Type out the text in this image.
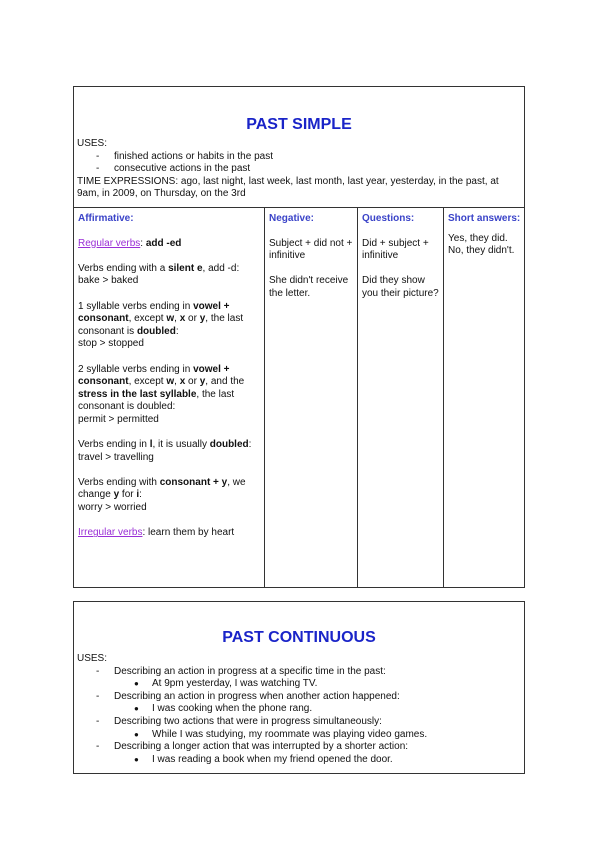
PAST SIMPLE
USES:
- finished actions or habits in the past
- consecutive actions in the past
TIME EXPRESSIONS: ago, last night, last week, last month, last year, yesterday, in the past, at 9am, in 2009, on Thursday, on the 3rd
Affirmative:

Regular verbs: add -ed

Verbs ending with a silent e, add -d:
bake > baked

1 syllable verbs ending in vowel + consonant, except w, x or y, the last consonant is doubled:
stop > stopped

2 syllable verbs ending in vowel + consonant, except w, x or y, and the stress in the last syllable, the last consonant is doubled:
permit > permitted

Verbs ending in l, it is usually doubled:
travel > travelling

Verbs ending with consonant + y, we change y for i:
worry > worried

Irregular verbs: learn them by heart

Negative:

Subject + did not + infinitive

She didn't receive the letter.

Questions:

Did + subject + infinitive

Did they show you their picture?

Short answers:

Yes, they did. No, they didn't.

PAST CONTINUOUS
USES:
- Describing an action in progress at a specific time in the past:
● At 9pm yesterday, I was watching TV.
- Describing an action in progress when another action happened:
● I was cooking when the phone rang.
- Describing two actions that were in progress simultaneously:
● While I was studying, my roommate was playing video games.
- Describing a longer action that was interrupted by a shorter action:
● I was reading a book when my friend opened the door.
